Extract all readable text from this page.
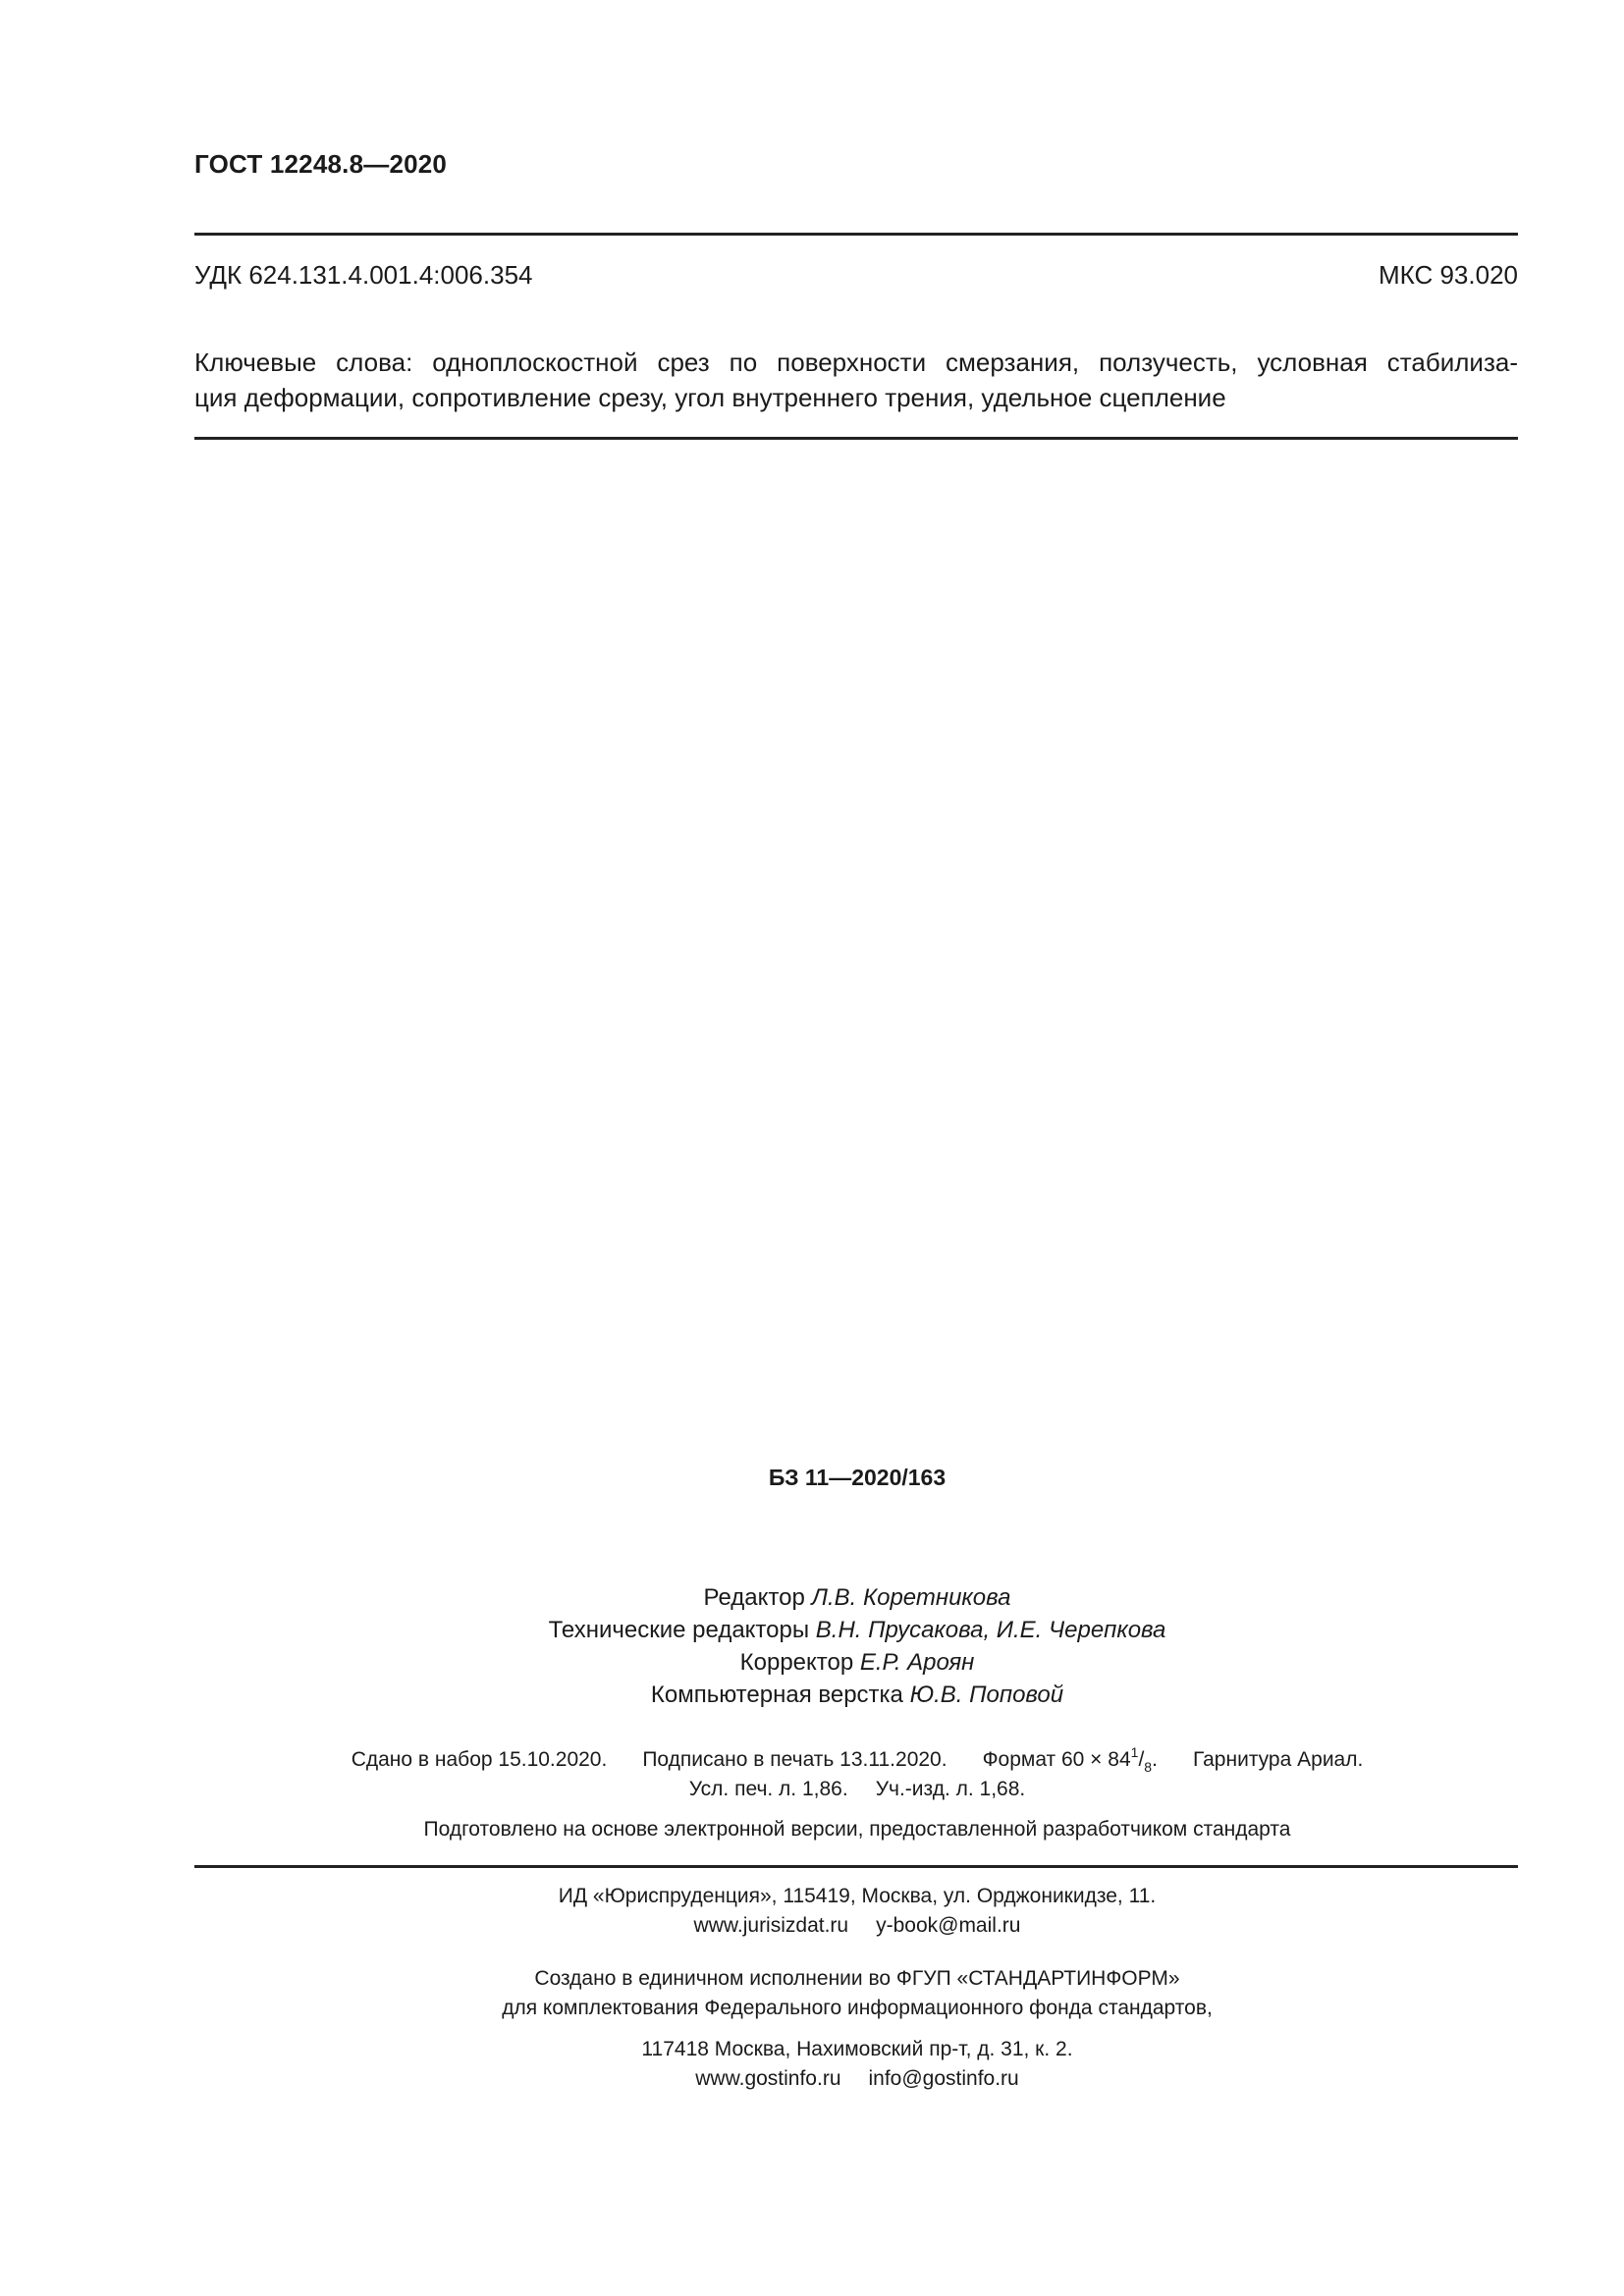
ГОСТ 12248.8—2020
УДК 624.131.4.001.4:006.354	МКС 93.020
Ключевые слова: одноплоскостной срез по поверхности смерзания, ползучесть, условная стабилиза-
ция деформации, сопротивление срезу, угол внутреннего трения, удельное сцепление
БЗ 11—2020/163
Редактор Л.В. Коретникова
Технические редакторы В.Н. Прусакова, И.Е. Черепкова
Корректор Е.Р. Ароян
Компьютерная верстка Ю.В. Поповой
Сдано в набор 15.10.2020. Подписано в печать 13.11.2020. Формат $60 \times 84^1/_8$. Гарнитура Ариал.
Усл. печ. л. 1,86. Уч.-изд. л. 1,68.
Подготовлено на основе электронной версии, предоставленной разработчиком стандарта
ИД «Юриспруденция», 115419, Москва, ул. Орджоникидзе, 11.
www.jurisizdat.ru y-book@mail.ru
Создано в единичном исполнении во ФГУП «СТАНДАРТИНФОРМ»
для комплектования Федерального информационного фонда стандартов,
117418 Москва, Нахимовский пр-т, д. 31, к. 2.
www.gostinfo.ru info@gostinfo.ru
